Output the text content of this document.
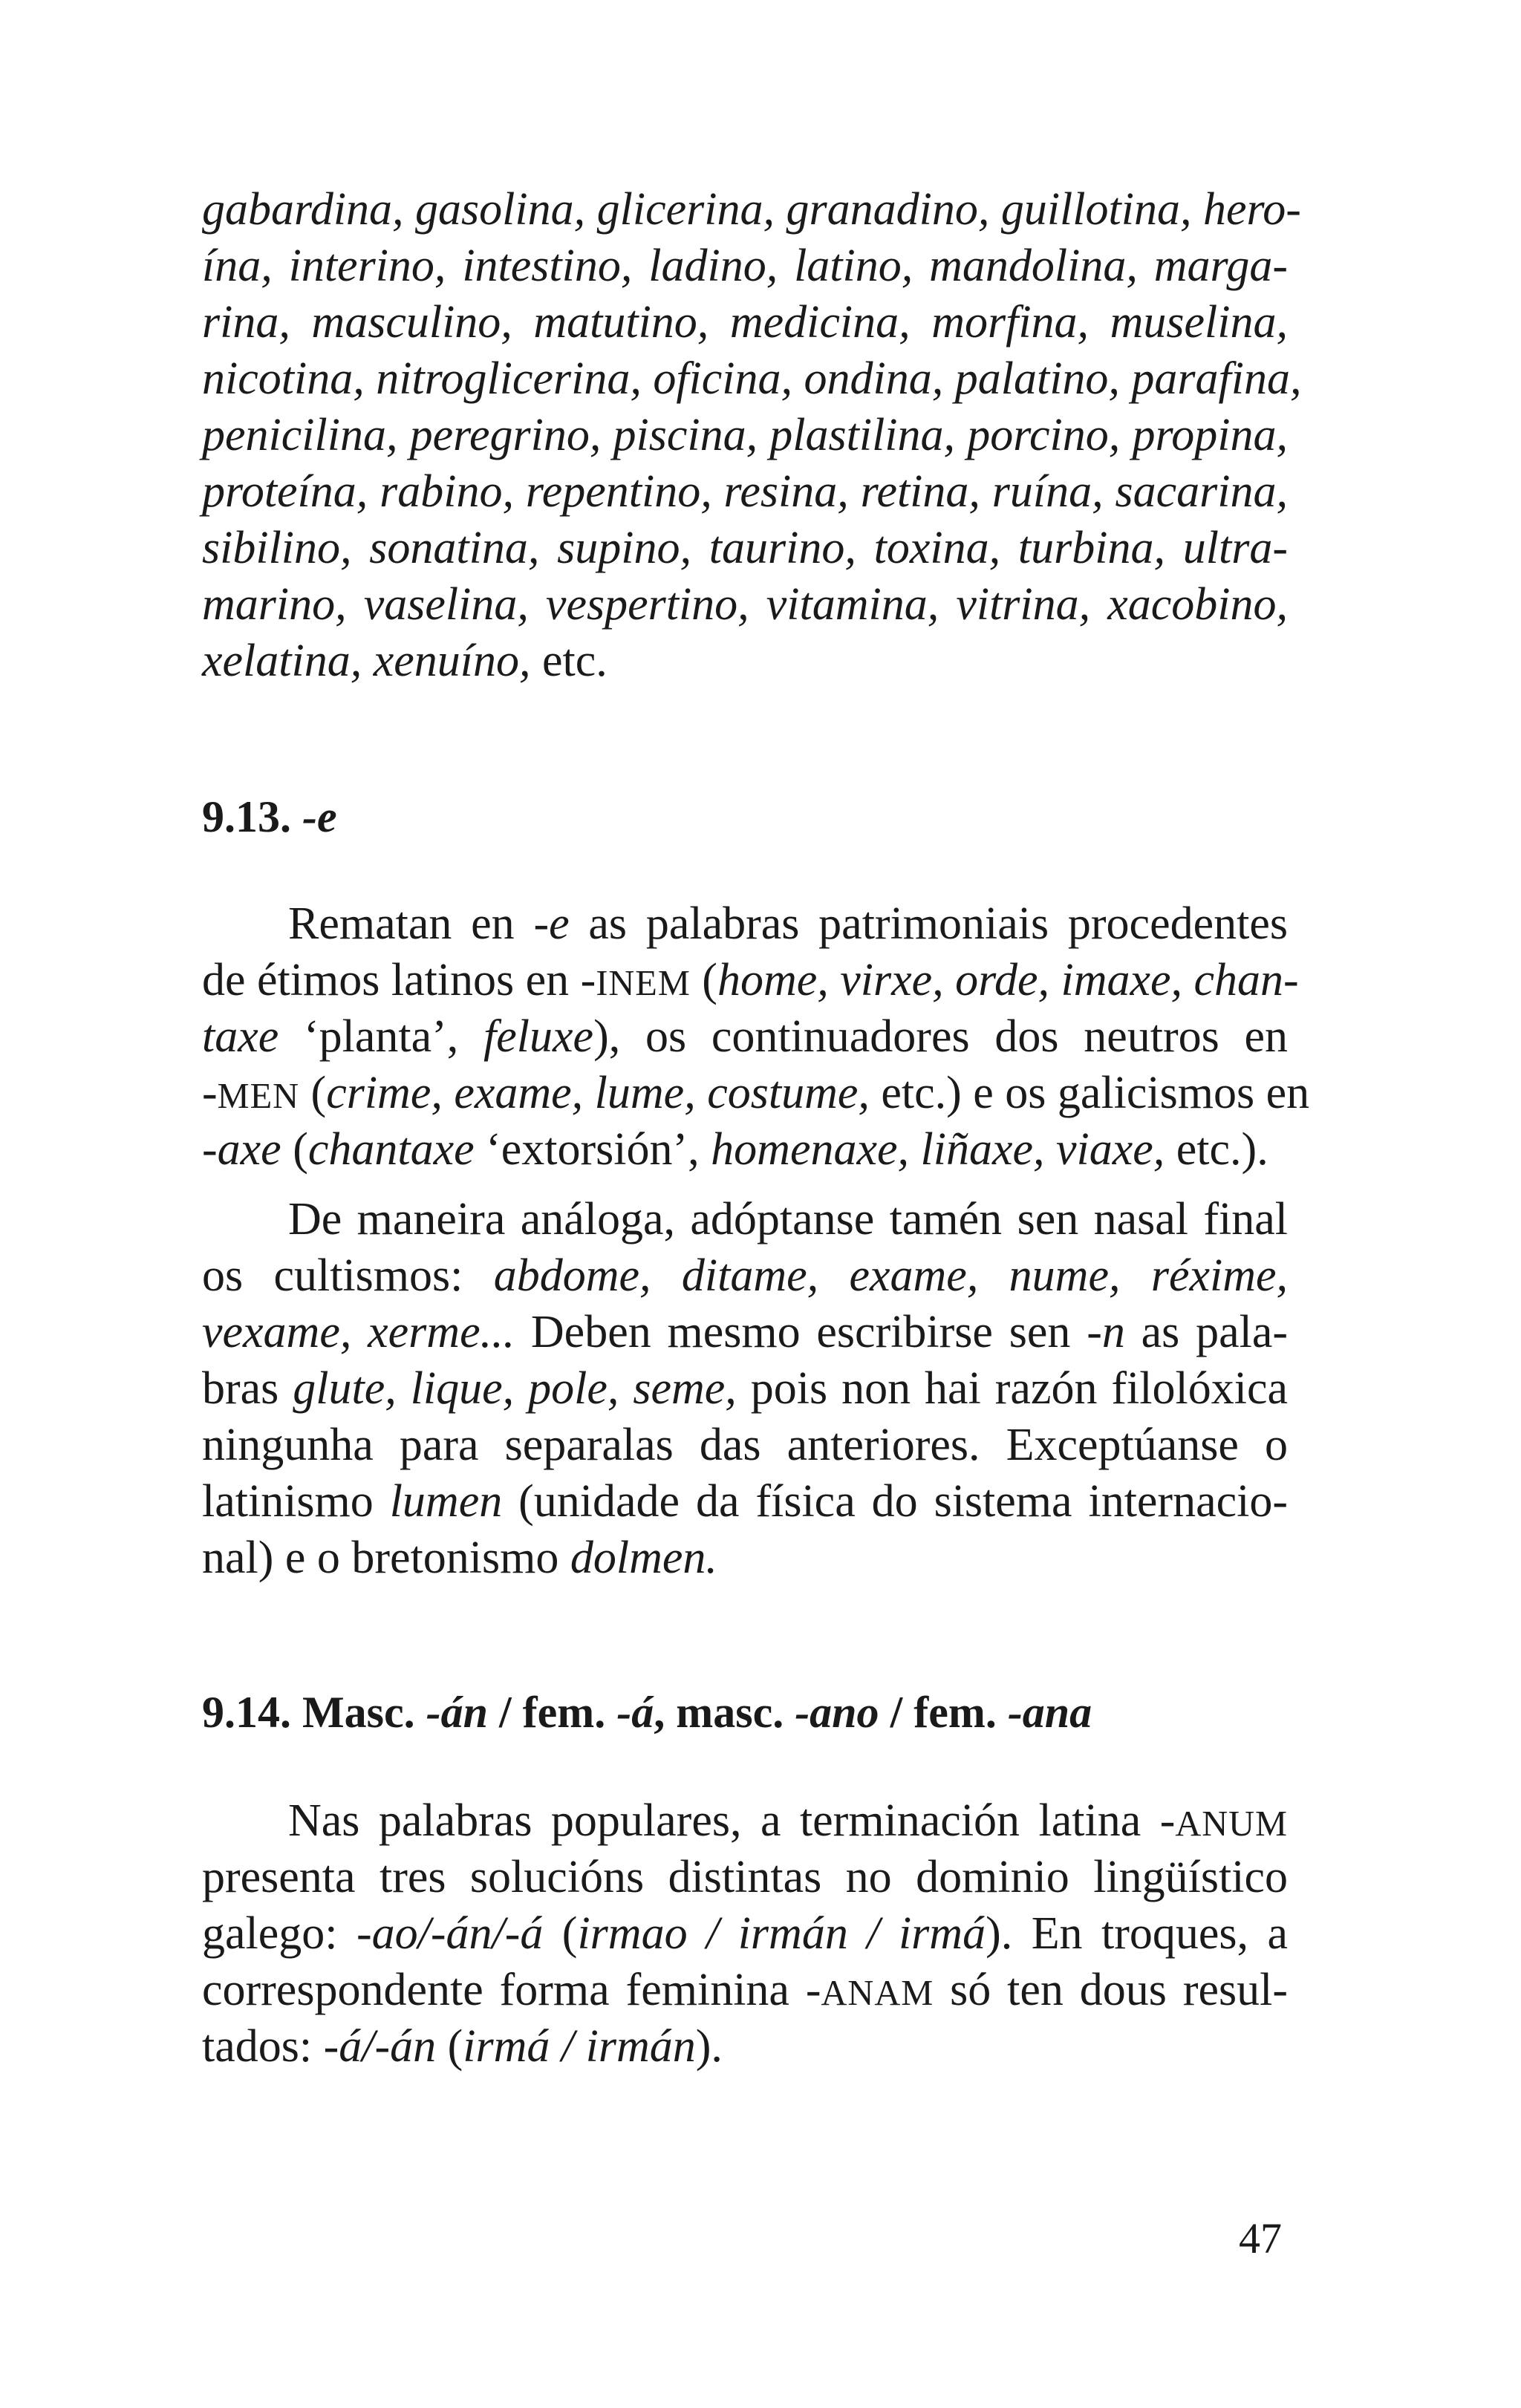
gabardina, gasolina, glicerina, granadino, guillotina, hero-
ína, interino, intestino, ladino, latino, mandolina, marga-
rina, masculino, matutino, medicina, morfina, muselina,
nicotina, nitroglicerina, oficina, ondina, palatino, parafina,
penicilina, peregrino, piscina, plastilina, porcino, propina,
proteína, rabino, repentino, resina, retina, ruína, sacarina,
sibilino, sonatina, supino, taurino, toxina, turbina, ultra-
marino, vaselina, vespertino, vitamina, vitrina, xacobino,
xelatina, xenuíno, etc.
9.13. -e
Rematan en -e as palabras patrimoniais procedentes
de étimos latinos en -INEM (home, virxe, orde, imaxe, chan-
taxe ‘planta’, feluxe), os continuadores dos neutros en
-MEN (crime, exame, lume, costume, etc.) e os galicismos en
-axe (chantaxe ‘extorsión’, homenaxe, liñaxe, viaxe, etc.).
De maneira análoga, adóptanse tamén sen nasal final
os cultismos: abdome, ditame, exame, nume, réxime,
vexame, xerme... Deben mesmo escribirse sen -n as pala-
bras glute, lique, pole, seme, pois non hai razón filolóxica
ningunha para separalas das anteriores. Exceptúanse o
latinismo lumen (unidade da física do sistema internacio-
nal) e o bretonismo dolmen.
9.14. Masc. -án / fem. -á, masc. -ano / fem. -ana
Nas palabras populares, a terminación latina -ANUM
presenta tres solucións distintas no dominio lingüístico
galego: -ao/-án/-á (irmao / irmán / irmá). En troques, a
correspondente forma feminina -ANAM só ten dous resul-
tados: -á/-án (irmá / irmán).
47
